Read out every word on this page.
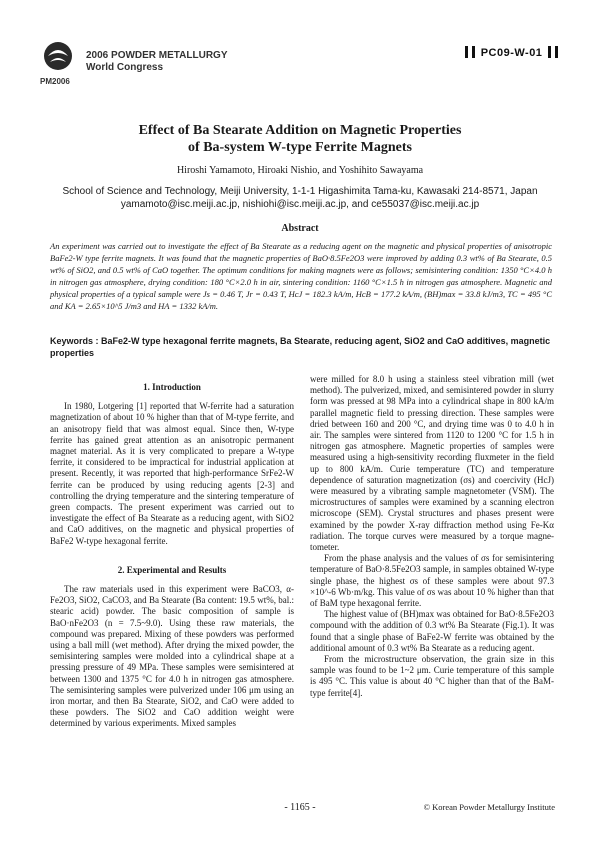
PM2006
2006 POWDER METALLURGY
World Congress
PC09-W-01
Effect of Ba Stearate Addition on Magnetic Properties
of Ba-system W-type Ferrite Magnets
Hiroshi Yamamoto, Hiroaki Nishio, and Yoshihito Sawayama
School of Science and Technology, Meiji University, 1-1-1 Higashimita Tama-ku, Kawasaki 214-8571, Japan
yamamoto@isc.meiji.ac.jp, nishiohi@isc.meiji.ac.jp, and ce55037@isc.meiji.ac.jp
Abstract

An experiment was carried out to investigate the effect of Ba Stearate as a reducing agent on the magnetic and physical properties of anisotropic BaFe2-W type ferrite magnets. It was found that the magnetic properties of BaO·8.5Fe2O3 were improved by adding 0.3 wt% of Ba Stearate, 0.5 wt% of SiO2, and 0.5 wt% of CaO together. The optimum conditions for making magnets were as follows; semisintering condition: 1350 °C×4.0 h in nitrogen gas atmosphere, drying condition: 180 °C×2.0 h in air, sintering condition: 1160 °C×1.5 h in nitrogen gas atmosphere. Magnetic and physical properties of a typical sample were Js = 0.46 T, Jr = 0.43 T, HcJ = 182.3 kA/m, HcB = 177.2 kA/m, (BH)max = 33.8 kJ/m3, TC = 495 °C and KA = 2.65×10^5 J/m3 and HA = 1332 kA/m.

Keywords : BaFe2-W type hexagonal ferrite magnets, Ba Stearate, reducing agent, SiO2 and CaO additives, magnetic properties

1. Introduction

In 1980, Lotgering [1] reported that W-ferrite had a saturation magnetization of about 10 % higher than that of M-type ferrite, and an anisotropy field that was almost equal. Since then, W-type ferrite has gained great attention as an anisotropic permanent magnet material. As it is very complicated to prepare a W-type ferrite, it considered to be impractical for industrial application at present. Recently, it was reported that high-performance SrFe2-W ferrite can be produced by using reducing agents [2-3] and controlling the drying temperature and the sintering temperature of green compacts. The present experiment was carried out to investigate the effect of Ba Stearate as a reducing agent, with SiO2 and CaO additives, on the magnetic and physical properties of BaFe2 W-type hexagonal ferrite.

2. Experimental and Results

The raw materials used in this experiment were BaCO3, α-Fe2O3, SiO2, CaCO3, and Ba Stearate (Ba content: 19.5 wt%, bal.: stearic acid) powder. The basic composition of sample is BaO·nFe2O3 (n = 7.5~9.0). Using these raw materials, the compound was prepared. Mixing of these powders was performed using a ball mill (wet method). After drying the mixed powder, the semisintering samples were molded into a cylindrical shape at a pressing pressure of 49 MPa. These samples were semisintered at between 1300 and 1375 °C for 4.0 h in nitrogen gas atmosphere. The semisintering samples were pulverized under 106 μm using an iron mortar, and then Ba Stearate, SiO2, and CaO were added to these powders. The SiO2 and CaO addition weight were determined by various experiments. Mixed samples

were milled for 8.0 h using a stainless steel vibration mill (wet method). The pulverized, mixed, and semisintered powder in slurry form was pressed at 98 MPa into a cylindrical shape in 800 kA/m parallel magnetic field to pressing direction. These samples were dried between 160 and 200 °C, and drying time was 0 to 4.0 h in air. The samples were sintered from 1120 to 1200 °C for 1.5 h in nitrogen gas atmosphere. Magnetic properties of samples were measured using a high-sensitivity recording fluxmeter in the field up to 800 kA/m. Curie temperature (TC) and temperature dependence of saturation magnetization (σs) and coercivity (HcJ) were measured by a vibrating sample magnetometer (VSM). The microstructures of samples were examined by a scanning electron microscope (SEM). Crystal structures and phases present were examined by the powder X-ray diffraction method using Fe-Kα radiation. The torque curves were measured by a torque magne-tometer.

From the phase analysis and the values of σs for semisintering temperature of BaO·8.5Fe2O3 sample, in samples obtained W-type single phase, the highest σs of these samples were about 97.3 ×10^-6 Wb·m/kg. This value of σs was about 10 % higher than that of BaM type hexagonal ferrite.

The highest value of (BH)max was obtained for BaO·8.5Fe2O3 compound with the addition of 0.3 wt% Ba Stearate (Fig.1). It was found that a single phase of BaFe2-W ferrite was obtained by the additional amount of 0.3 wt% Ba Stearate as a reducing agent.

From the microstructure observation, the grain size in this sample was found to be 1~2 μm. Curie temperature of this sample is 495 °C. This value is about 40 °C higher than that of the BaM-type ferrite[4].

- 1165 -	© Korean Powder Metallurgy Institute
